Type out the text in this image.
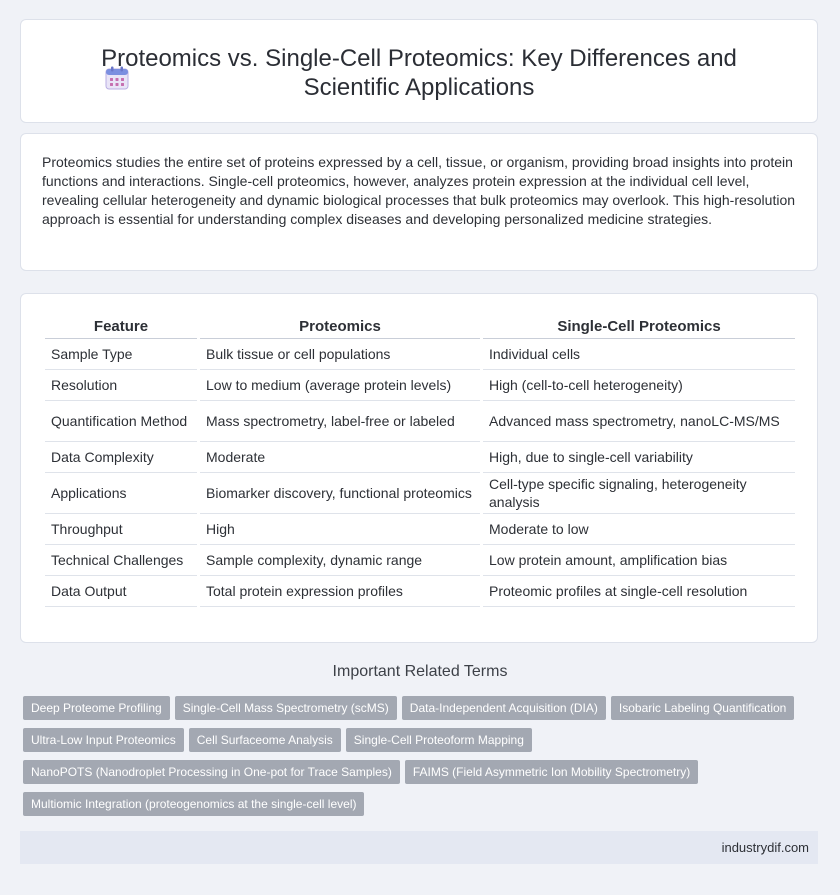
Proteomics vs. Single-Cell Proteomics: Key Differences and Scientific Applications

Proteomics studies the entire set of proteins expressed by a cell, tissue, or organism, providing broad insights into protein functions and interactions. Single-cell proteomics, however, analyzes protein expression at the individual cell level, revealing cellular heterogeneity and dynamic biological processes that bulk proteomics may overlook. This high-resolution approach is essential for understanding complex diseases and developing personalized medicine strategies.

Feature	Proteomics	Single-Cell Proteomics
Sample Type	Bulk tissue or cell populations	Individual cells
Resolution	Low to medium (average protein levels)	High (cell-to-cell heterogeneity)
Quantification Method	Mass spectrometry, label-free or labeled	Advanced mass spectrometry, nanoLC-MS/MS
Data Complexity	Moderate	High, due to single-cell variability
Applications	Biomarker discovery, functional proteomics	Cell-type specific signaling, heterogeneity analysis
Throughput	High	Moderate to low
Technical Challenges	Sample complexity, dynamic range	Low protein amount, amplification bias
Data Output	Total protein expression profiles	Proteomic profiles at single-cell resolution
Important Related Terms
Deep Proteome Profiling Single-Cell Mass Spectrometry (scMS) Data-Independent Acquisition (DIA) Isobaric Labeling QuantificationUltra-Low Input Proteomics Cell Surfaceome Analysis Single-Cell Proteoform MappingNanoPOTS (Nanodroplet Processing in One-pot for Trace Samples) FAIMS (Field Asymmetric Ion Mobility Spectrometry)Multiomic Integration (proteogenomics at the single-cell level)
industrydif.com
